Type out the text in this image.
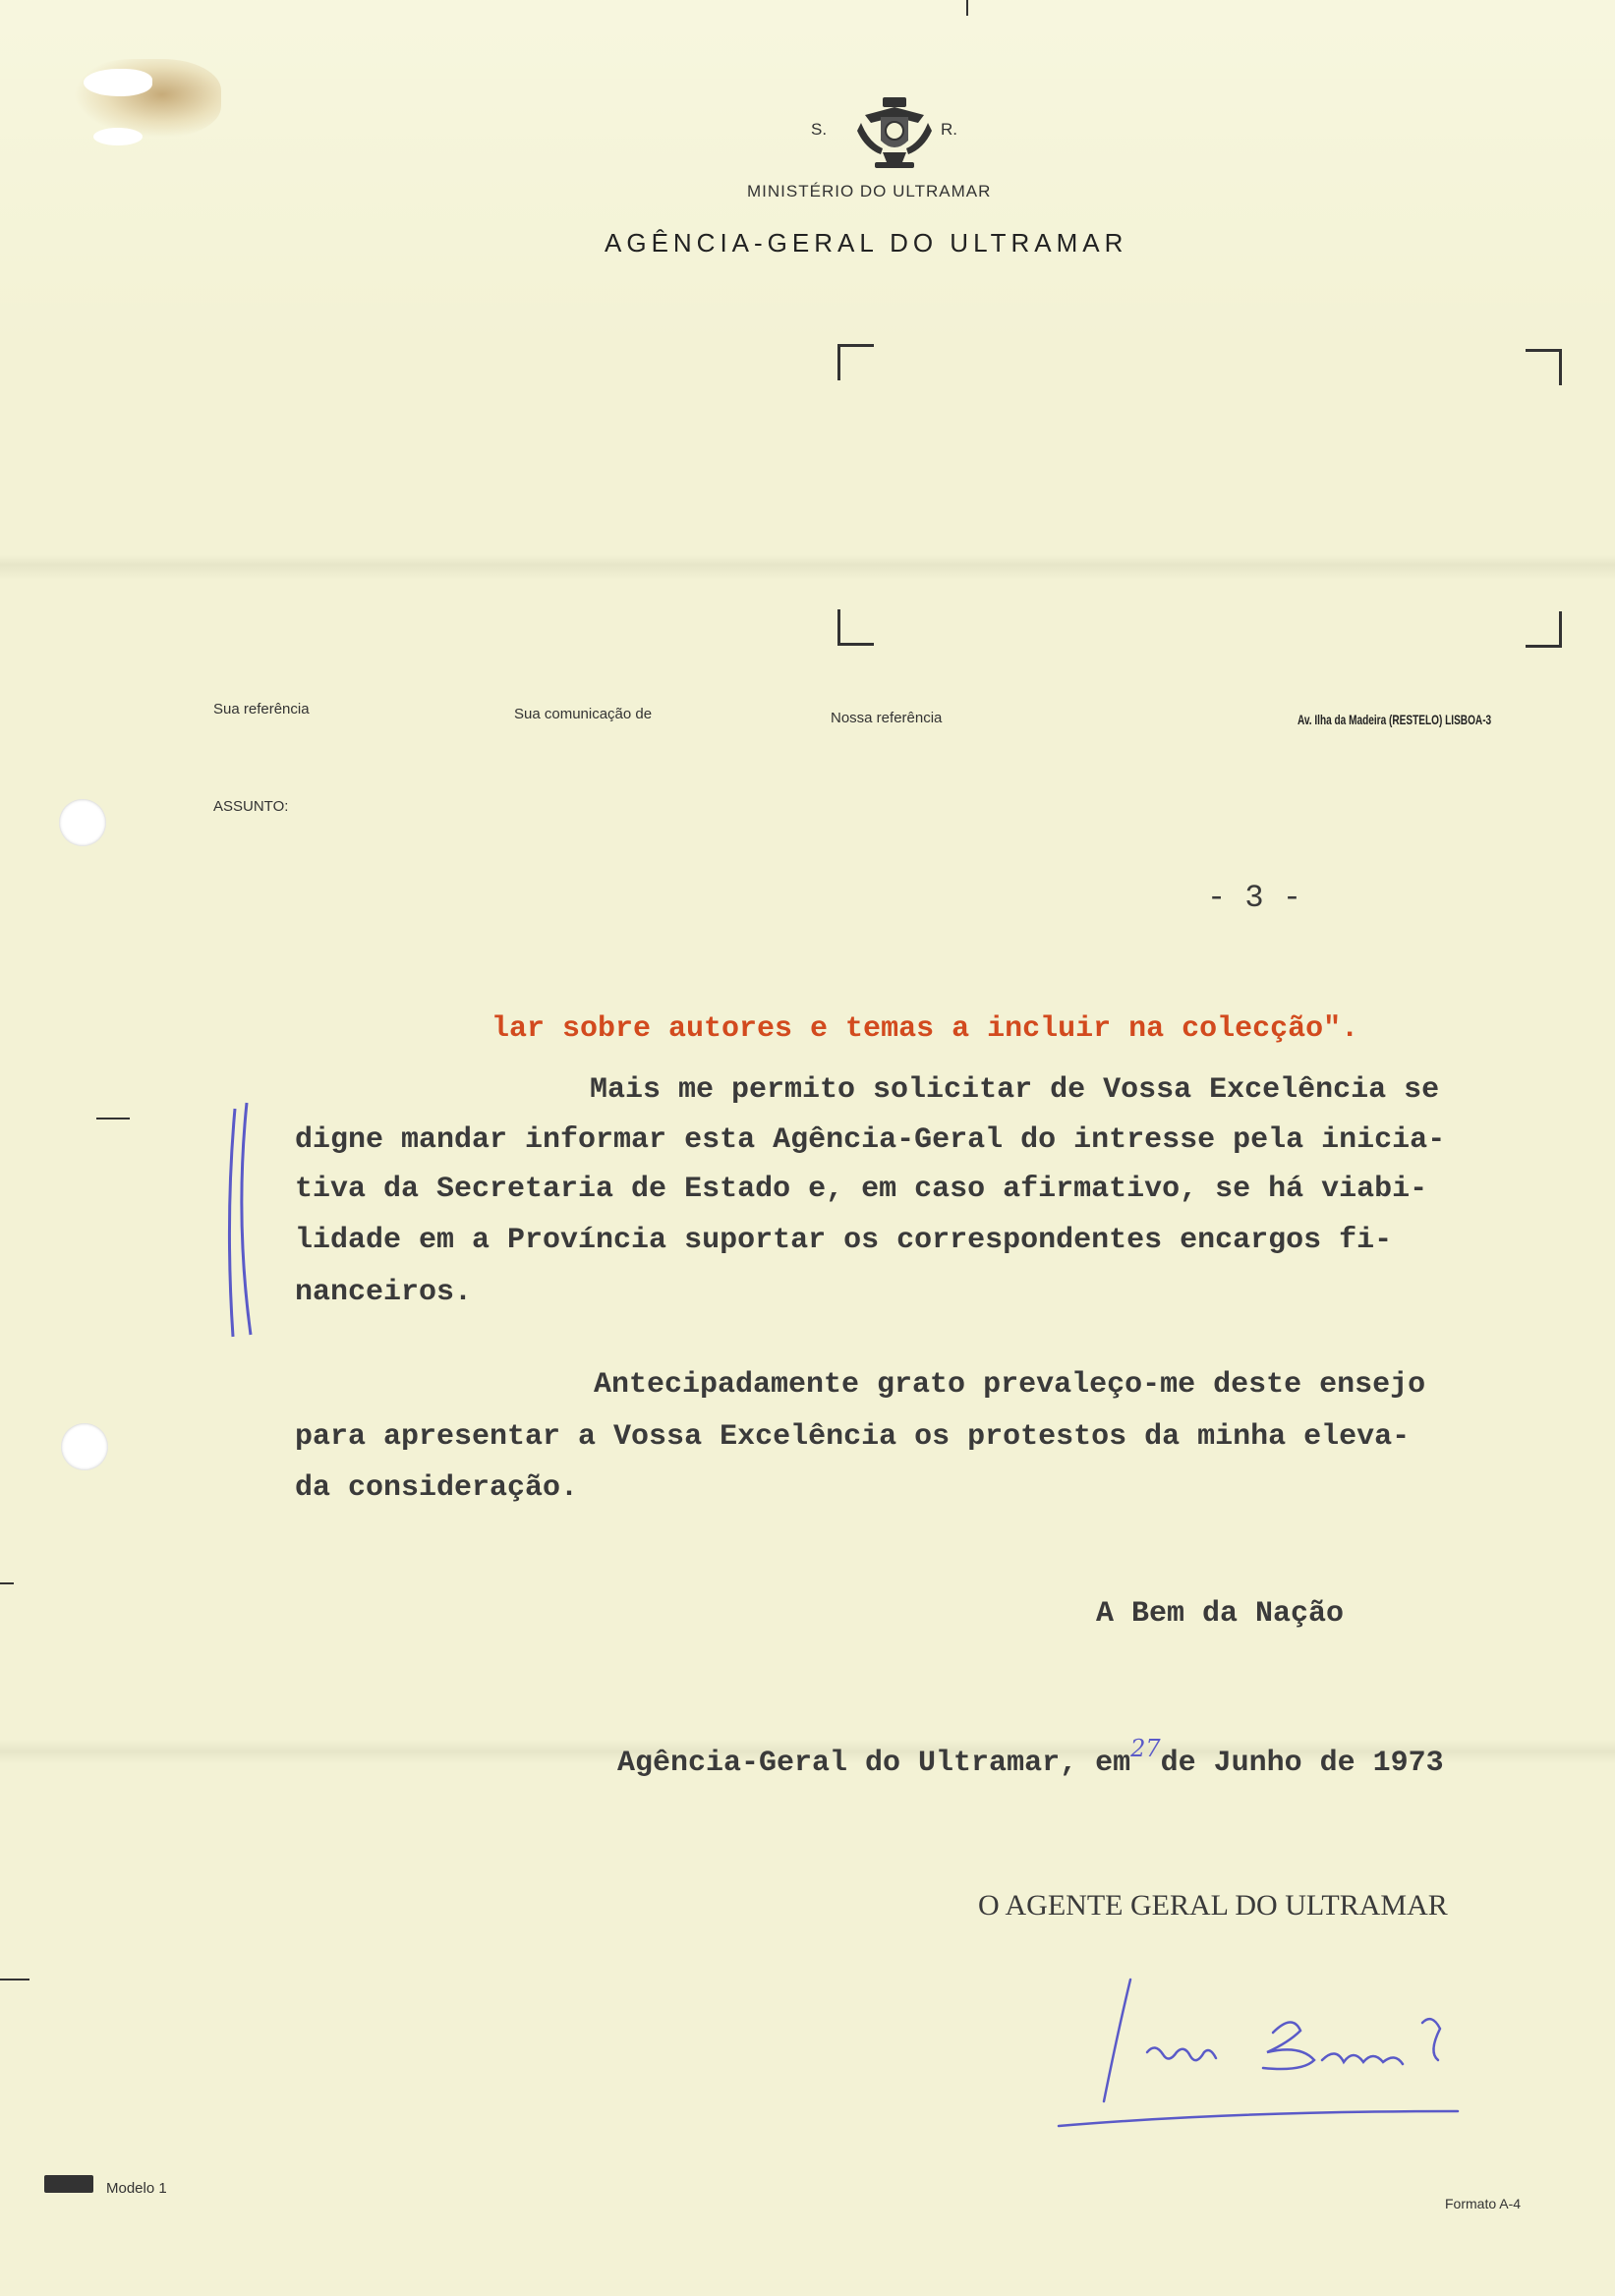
S.	R.
MINISTÉRIO DO ULTRAMAR
AGÊNCIA-GERAL DO ULTRAMAR
Sua referência	Sua comunicação de	Nossa referência	Av. Ilha da Madeira (RESTELO) LISBOA-3
ASSUNTO:
- 3 -
lar sobre autores e temas a incluir na colecção".
Mais me permito solicitar de Vossa Excelência se
digne mandar informar esta Agência-Geral do intresse pela inicia-
tiva da Secretaria de Estado e, em caso afirmativo, se há viabi-
lidade em a Província suportar os correspondentes encargos fi-
nanceiros.
Antecipadamente grato prevaleço-me deste ensejo
para apresentar a Vossa Excelência os protestos da minha eleva-
da consideração.
A Bem da Nação
Agência-Geral do Ultramar, $em^{27}de$ Junho de 1973
O AGENTE GERAL DO ULTRAMAR
Modelo 1
Formato A-4
